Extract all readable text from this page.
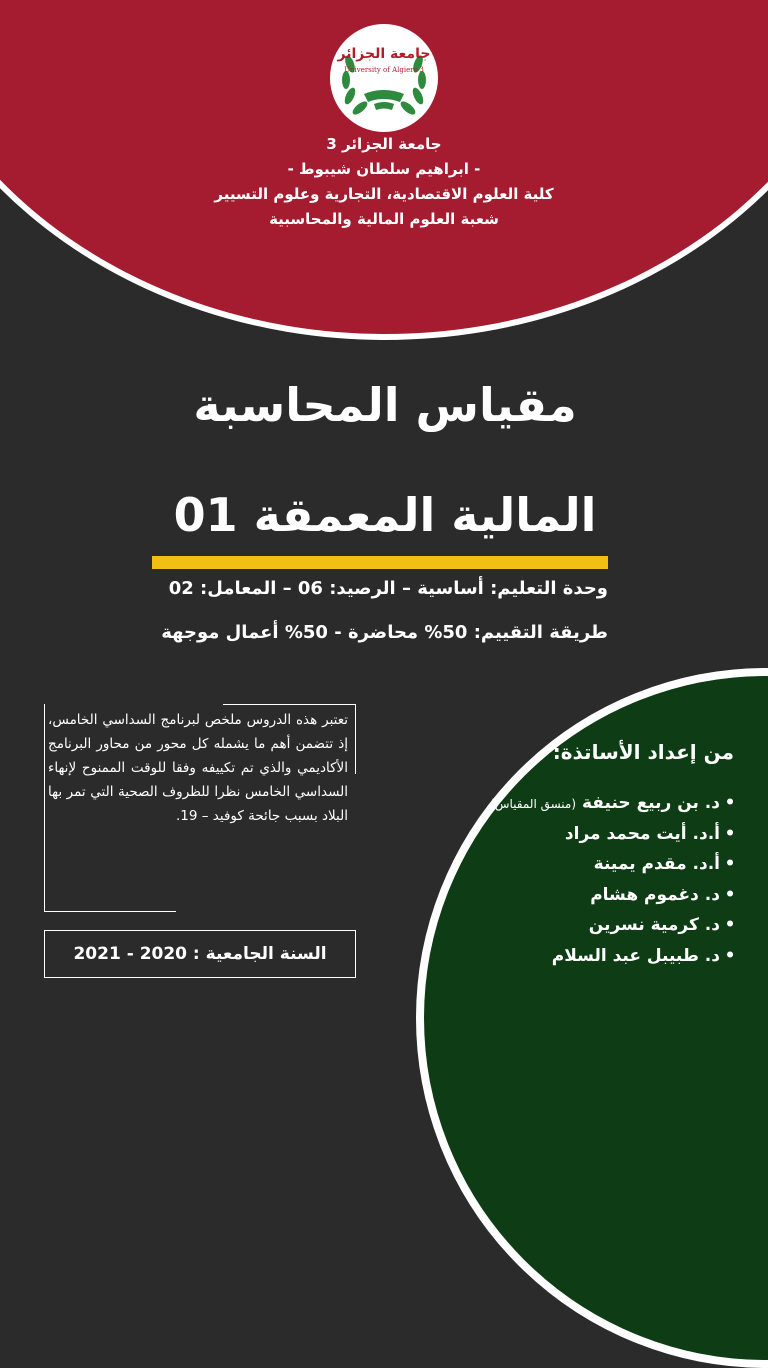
جامعة الجزائر
University of Algiers 3
جامعة الجزائر 3
- ابراهيم سلطان شيبوط -
كلية العلوم الاقتصادية، التجارية وعلوم التسيير
شعبة العلوم المالية والمحاسبية
مقياس المحاسبة
المالية المعمقة 01
وحدة التعليم: أساسية – الرصيد: 06 – المعامل: 02
طريقة التقييم: 50% محاضرة - 50% أعمال موجهة
تعتبر هذه الدروس ملخص لبرنامج السداسي الخامس، إذ تتضمن أهم ما يشمله كل محور من محاور البرنامج الأكاديمي والذي تم تكييفه وفقا للوقت الممنوح لإنهاء السداسي الخامس نظرا للظروف الصحية التي تمر بها البلاد بسبب جائحة كوفيد – 19.
السنة الجامعية : 2020 - 2021
من إعداد الأساتذة:
•د. بن ربيع حنيفة (منسق المقياس)
•أ.د. أيت محمد مراد
•أ.د. مقدم يمينة
•د. دغموم هشام
•د. كرمية نسرين
•د. طبيبل عبد السلام
